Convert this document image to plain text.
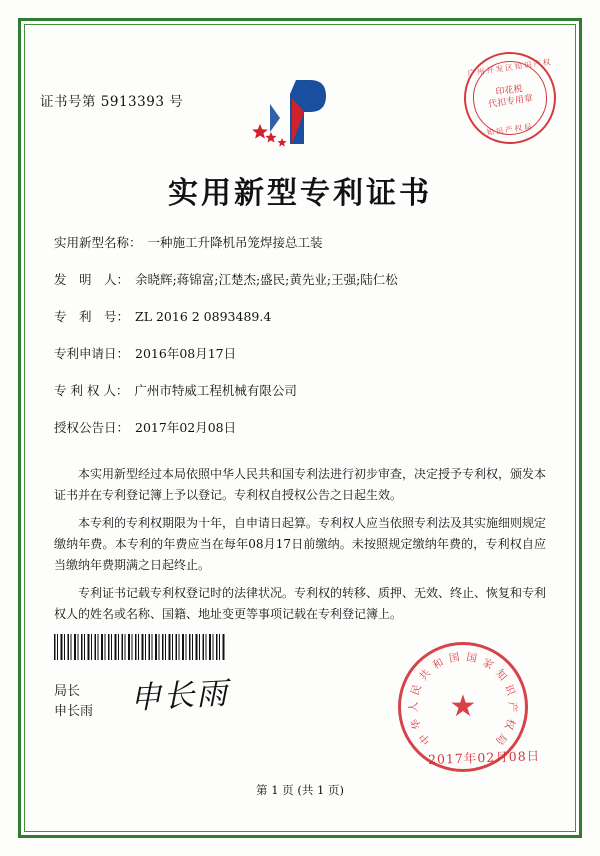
证书号第 5913393 号
广州开发区知识产权
印花税
代扣专用章
知识产权局
实用新型专利证书
实用新型名称： 一种施工升降机吊笼焊接总工装
发　明　人： 余晓辉;蒋锦富;江楚杰;盛民;黄先业;王强;陆仁松
专　利　号： ZL 2016 2 0893489.4
专利申请日： 2016年08月17日
专 利 权 人： 广州市特威工程机械有限公司
授权公告日： 2017年02月08日

本实用新型经过本局依照中华人民共和国专利法进行初步审查，决定授予专利权，颁发本证书并在专利登记簿上予以登记。专利权自授权公告之日起生效。

本专利的专利权期限为十年，自申请日起算。专利权人应当依照专利法及其实施细则规定缴纳年费。本专利的年费应当在每年08月17日前缴纳。未按照规定缴纳年费的，专利权自应当缴纳年费期满之日起终止。

专利证书记载专利权登记时的法律状况。专利权的转移、质押、无效、终止、恢复和专利权人的姓名或名称、国籍、地址变更等事项记载在专利登记簿上。

局长
申长雨 申长雨	★
中
华
人
民
共
和 国 国 家
知
识
产
权
局
2017年02月08日
第 1 页 (共 1 页)
